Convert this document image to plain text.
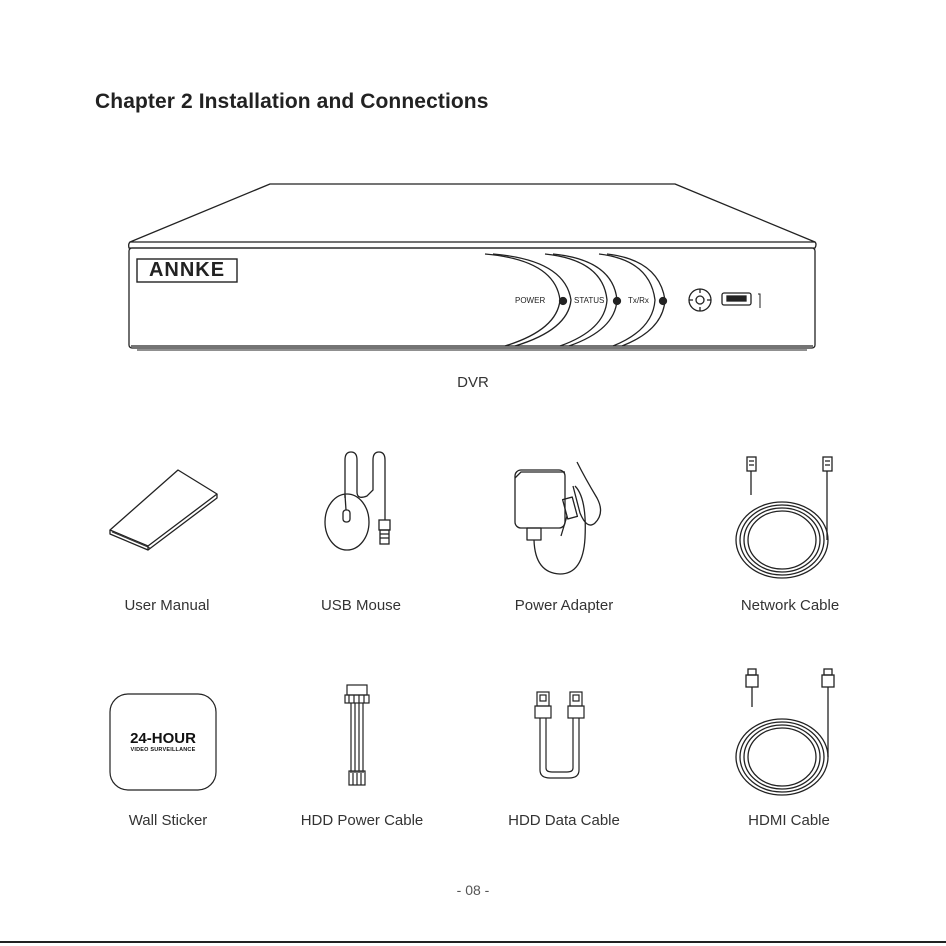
Chapter 2 Installation and Connections
ANNKE
POWER	STATUS	Tx/Rx
DVR
User Manual	USB Mouse	Power Adapter	Network Cable
24-HOUR
VIDEO SURVEILLANCE
Wall Sticker	HDD Power Cable	HDD Data Cable	HDMI Cable
- 08 -
